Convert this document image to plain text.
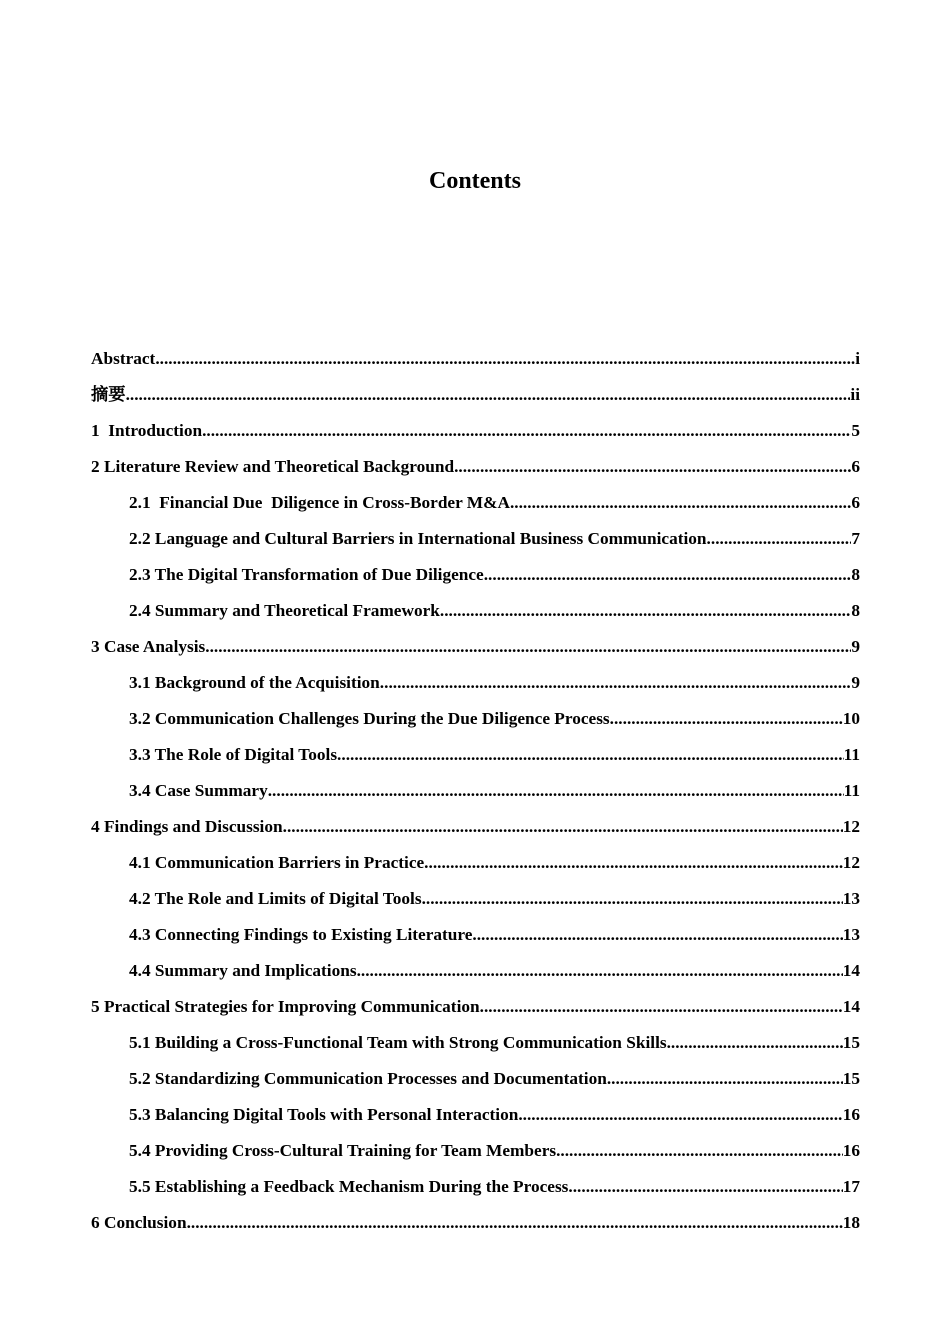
Contents
Abstract .....	i
摘要 .....	ii
1  Introduction .....	5
2 Literature Review and Theoretical Background .....	6
2.1  Financial Due  Diligence in Cross-Border M&A .....	6
2.2 Language and Cultural Barriers in International Business Communication .....	7
2.3 The Digital Transformation of Due Diligence .....	8
2.4 Summary and Theoretical Framework .....	8
3 Case Analysis .....	9
3.1 Background of the Acquisition .....	9
3.2 Communication Challenges During the Due Diligence Process .....	10
3.3 The Role of Digital Tools .....	11
3.4 Case Summary .....	11
4 Findings and Discussion .....	12
4.1 Communication Barriers in Practice .....	12
4.2 The Role and Limits of Digital Tools .....	13
4.3 Connecting Findings to Existing Literature .....	13
4.4 Summary and Implications .....	14
5 Practical Strategies for Improving Communication .....	14
5.1 Building a Cross-Functional Team with Strong Communication Skills .....	15
5.2 Standardizing Communication Processes and Documentation .....	15
5.3 Balancing Digital Tools with Personal Interaction .....	16
5.4 Providing Cross-Cultural Training for Team Members .....	16
5.5 Establishing a Feedback Mechanism During the Process .....	17
6 Conclusion .....	18
